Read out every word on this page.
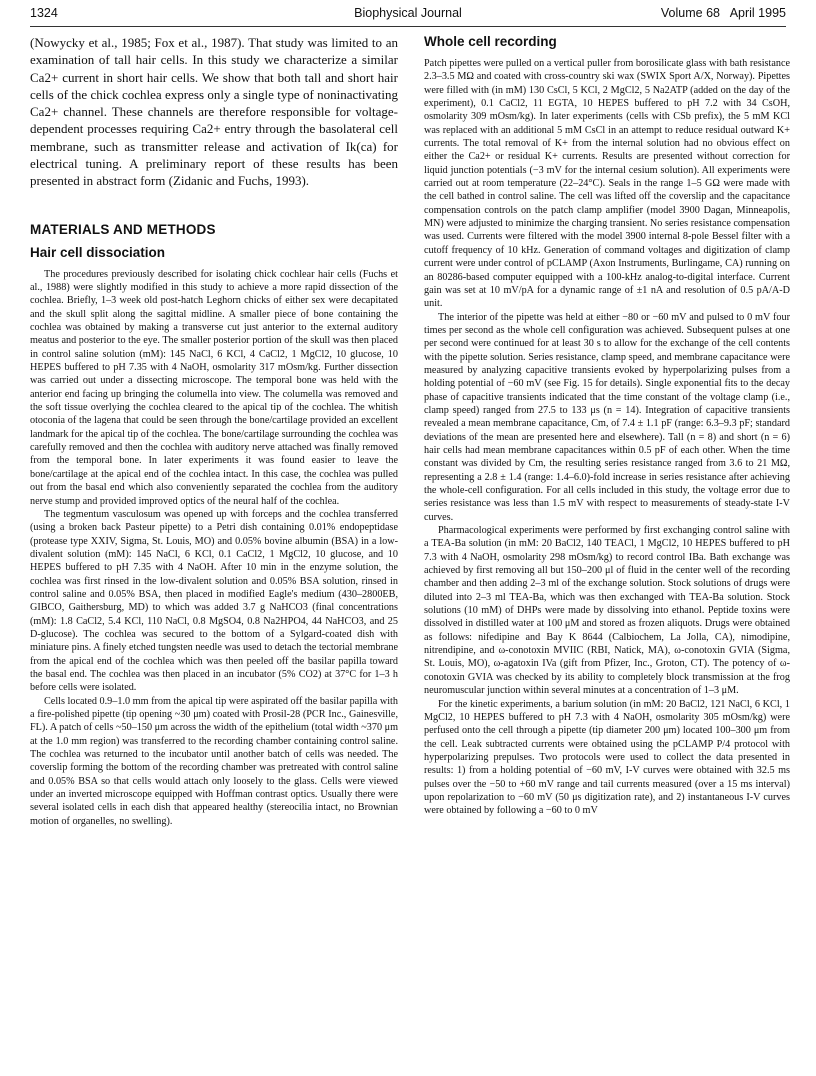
1324	Biophysical Journal	Volume 68   April 1995

(Nowycky et al., 1985; Fox et al., 1987). That study was limited to an examination of tall hair cells. In this study we characterize a similar Ca2+ current in short hair cells. We show that both tall and short hair cells of the chick cochlea express only a single type of noninactivating Ca2+ channel. These channels are therefore responsible for voltage-dependent processes requiring Ca2+ entry through the basolateral cell membrane, such as transmitter release and activation of Ik(ca) for electrical tuning. A preliminary report of these results has been presented in abstract form (Zidanic and Fuchs, 1993).

MATERIALS AND METHODS
Hair cell dissociation

The procedures previously described for isolating chick cochlear hair cells (Fuchs et al., 1988) were slightly modified in this study to achieve a more rapid dissection of the cochlea. Briefly, 1–3 week old post-hatch Leghorn chicks of either sex were decapitated and the skull split along the sagittal midline. A smaller piece of bone containing the cochlea was obtained by making a transverse cut just anterior to the external auditory meatus and posterior to the eye. The smaller posterior portion of the skull was then placed in control saline solution (mM): 145 NaCl, 6 KCl, 4 CaCl2, 1 MgCl2, 10 glucose, 10 HEPES buffered to pH 7.35 with 4 NaOH, osmolarity 317 mOsm/kg. Further dissection was carried out under a dissecting microscope. The temporal bone was held with the anterior end facing up bringing the columella into view. The columella was removed and the soft tissue overlying the cochlea cleared to the apical tip of the cochlea. The whitish otoconia of the lagena that could be seen through the bone/cartilage provided an excellent landmark for the apical tip of the cochlea. The bone/cartilage surrounding the cochlea was carefully removed and then the cochlea with auditory nerve attached was finally removed from the temporal bone. In later experiments it was found easier to leave the bone/cartilage at the apical end of the cochlea intact. In this case, the cochlea was pulled out from the basal end which also conveniently separated the cochlea from the auditory nerve stump and provided improved optics of the neural half of the cochlea.

The tegmentum vasculosum was opened up with forceps and the cochlea transferred (using a broken back Pasteur pipette) to a Petri dish containing 0.01% endopeptidase (protease type XXIV, Sigma, St. Louis, MO) and 0.05% bovine albumin (BSA) in a low-divalent solution (mM): 145 NaCl, 6 KCl, 0.1 CaCl2, 1 MgCl2, 10 glucose, and 10 HEPES buffered to pH 7.35 with 4 NaOH. After 10 min in the enzyme solution, the cochlea was first rinsed in the low-divalent solution and 0.05% BSA solution, rinsed in control saline and 0.05% BSA, then placed in modified Eagle's medium (430–2800EB, GIBCO, Gaithersburg, MD) to which was added 3.7 g NaHCO3 (final concentrations (mM): 1.8 CaCl2, 5.4 KCl, 110 NaCl, 0.8 MgSO4, 0.8 Na2HPO4, 44 NaHCO3, and 25 D-glucose). The cochlea was secured to the bottom of a Sylgard-coated dish with miniature pins. A finely etched tungsten needle was used to detach the tectorial membrane from the apical end of the cochlea which was then peeled off the basilar papilla toward the basal end. The cochlea was then placed in an incubator (5% CO2) at 37°C for 1–3 h before cells were isolated.

Cells located 0.9–1.0 mm from the apical tip were aspirated off the basilar papilla with a fire-polished pipette (tip opening ~30 μm) coated with Prosil-28 (PCR Inc., Gainesville, FL). A patch of cells ~50–150 μm across the width of the epithelium (total width ~370 μm at the 1.0 mm region) was transferred to the recording chamber containing control saline. The cochlea was returned to the incubator until another batch of cells was needed. The coverslip forming the bottom of the recording chamber was pretreated with control saline and 0.05% BSA so that cells would attach only loosely to the glass. Cells were viewed under an inverted microscope equipped with Hoffman contrast optics. Usually there were several isolated cells in each dish that appeared healthy (stereocilia intact, no Brownian motion of organelles, no swelling).

Whole cell recording

Patch pipettes were pulled on a vertical puller from borosilicate glass with bath resistance 2.3–3.5 MΩ and coated with cross-country ski wax (SWIX Sport A/X, Norway). Pipettes were filled with (in mM) 130 CsCl, 5 KCl, 2 MgCl2, 5 Na2ATP (added on the day of the experiment), 0.1 CaCl2, 11 EGTA, 10 HEPES buffered to pH 7.2 with 34 CsOH, osmolarity 309 mOsm/kg). In later experiments (cells with CSb prefix), the 5 mM KCl was replaced with an additional 5 mM CsCl in an attempt to reduce residual outward K+ currents. The total removal of K+ from the internal solution had no obvious effect on either the Ca2+ or residual K+ currents. Results are presented without correction for liquid junction potentials (−3 mV for the internal cesium solution). All experiments were carried out at room temperature (22–24°C). Seals in the range 1–5 GΩ were made with the cell bathed in control saline. The cell was lifted off the coverslip and the capacitance compensation controls on the patch clamp amplifier (model 3900 Dagan, Minneapolis, MN) were adjusted to minimize the charging transient. No series resistance compensation was used. Currents were filtered with the model 3900 internal 8-pole Bessel filter with a cutoff frequency of 10 kHz. Generation of command voltages and digitization of clamp current were under control of pCLAMP (Axon Instruments, Burlingame, CA) running on an 80286-based computer equipped with a 100-kHz analog-to-digital interface. Current gain was set at 10 mV/pA for a dynamic range of ±1 nA and resolution of 0.5 pA/A-D unit.

The interior of the pipette was held at either −80 or −60 mV and pulsed to 0 mV four times per second as the whole cell configuration was achieved. Subsequent pulses at one per second were continued for at least 30 s to allow for the exchange of the cell contents with the pipette solution. Series resistance, clamp speed, and membrane capacitance were measured by analyzing capacitive transients evoked by hyperpolarizing pulses from a holding potential of −60 mV (see Fig. 15 for details). Single exponential fits to the decay phase of capacitive transients indicated that the time constant of the voltage clamp (i.e., clamp speed) ranged from 27.5 to 133 μs (n = 14). Integration of capacitive transients revealed a mean membrane capacitance, Cm, of 7.4 ± 1.1 pF (range: 6.3–9.3 pF; standard deviations of the mean are presented here and elsewhere). Tall (n = 8) and short (n = 6) hair cells had mean membrane capacitances within 0.5 pF of each other. When the time constant was divided by Cm, the resulting series resistance ranged from 3.6 to 21 MΩ, representing a 2.8 ± 1.4 (range: 1.4–6.0)-fold increase in series resistance after achieving the whole-cell configuration. For all cells included in this study, the voltage error due to series resistance was less than 1.5 mV with respect to measurements of steady-state I-V curves.

Pharmacological experiments were performed by first exchanging control saline with a TEA-Ba solution (in mM: 20 BaCl2, 140 TEACl, 1 MgCl2, 10 HEPES buffered to pH 7.3 with 4 NaOH, osmolarity 298 mOsm/kg) to record control IBa. Bath exchange was achieved by first removing all but 150–200 μl of fluid in the center well of the recording chamber and then adding 2–3 ml of the exchange solution. Stock solutions of drugs were diluted into 2–3 ml TEA-Ba, which was then exchanged with TEA-Ba solution. Stock solutions (10 mM) of DHPs were made by dissolving into ethanol. Peptide toxins were dissolved in distilled water at 100 μM and stored as frozen aliquots. Drugs were obtained as follows: nifedipine and Bay K 8644 (Calbiochem, La Jolla, CA), nimodipine, nitrendipine, and ω-conotoxin MVIIC (RBI, Natick, MA), ω-conotoxin GVIA (Sigma, St. Louis, MO), ω-agatoxin IVa (gift from Pfizer, Inc., Groton, CT). The potency of ω-conotoxin GVIA was checked by its ability to completely block transmission at the frog neuromuscular junction within several minutes at a concentration of 1–3 μM.

For the kinetic experiments, a barium solution (in mM: 20 BaCl2, 121 NaCl, 6 KCl, 1 MgCl2, 10 HEPES buffered to pH 7.3 with 4 NaOH, osmolarity 305 mOsm/kg) were perfused onto the cell through a pipette (tip diameter 200 μm) located 100–300 μm from the cell. Leak subtracted currents were obtained using the pCLAMP P/4 protocol with hyperpolarizing prepulses. Two protocols were used to collect the data presented in results: 1) from a holding potential of −60 mV, I-V curves were obtained with 32.5 ms pulses over the −50 to +60 mV range and tail currents measured (over a 15 ms interval) upon repolarization to −60 mV (50 μs digitization rate), and 2) instantaneous I-V curves were obtained by following a −60 to 0 mV
